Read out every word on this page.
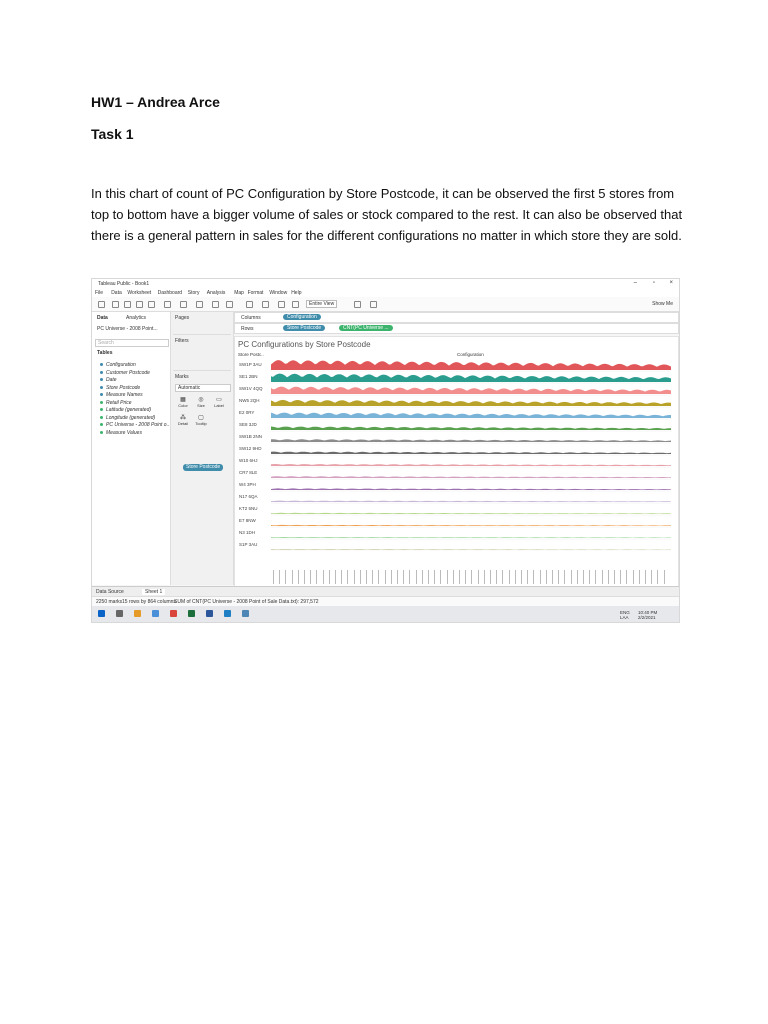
HW1 – Andrea Arce
Task 1

In this chart of count of PC Configuration by Store Postcode, it can be observed the first 5 stores from top to bottom have a bigger volume of sales or stock compared to the rest. It can also be observed that there is a general pattern in sales for the different configurations no matter in which store they are sold.

Tableau Public - Book1	–	▫ ×
File Data Worksheet Dashboard Story Analysis Map Format Window Help
Entire View	Show Me
Data	Analytics
PC Universe - 2008 Point...
Search
Tables
Configuration
Customer Postcode
Date
Store Postcode
Measure Names
Retail Price
Latitude (generated)
Longitude (generated)
PC Universe - 2008 Point o..
Measure Values
Pages
Filters
Marks
Automatic
▦
Color
◎
Size
▭
Label
⁂
Detail
▢
Tooltip
Store Postcode
Columns	Configuration
Rows	Store Postcode	CNT(PC Universe ...
PC Configurations by Store Postcode
Store Postc..	Configuration
SW1P 3AU
SE1 2BN
SW1V 4QQ
NW5 2QH
E2 0RY
SE8 3JD
SW1B 2NN
SW12 9HD
W10 6HJ
CR7 8LE
W4 3PH
N17 6QA
KT2 5NU
E7 8NW
N3 1DH
S1P 3AU
Data Source	Sheet 1
2250 marks 15 rows by 864 columns
SUM of CNT(PC Universe - 2008 Point of Sale Data.txt): 297,572
ENG
LAA
10:40 PM
2/2/2021
